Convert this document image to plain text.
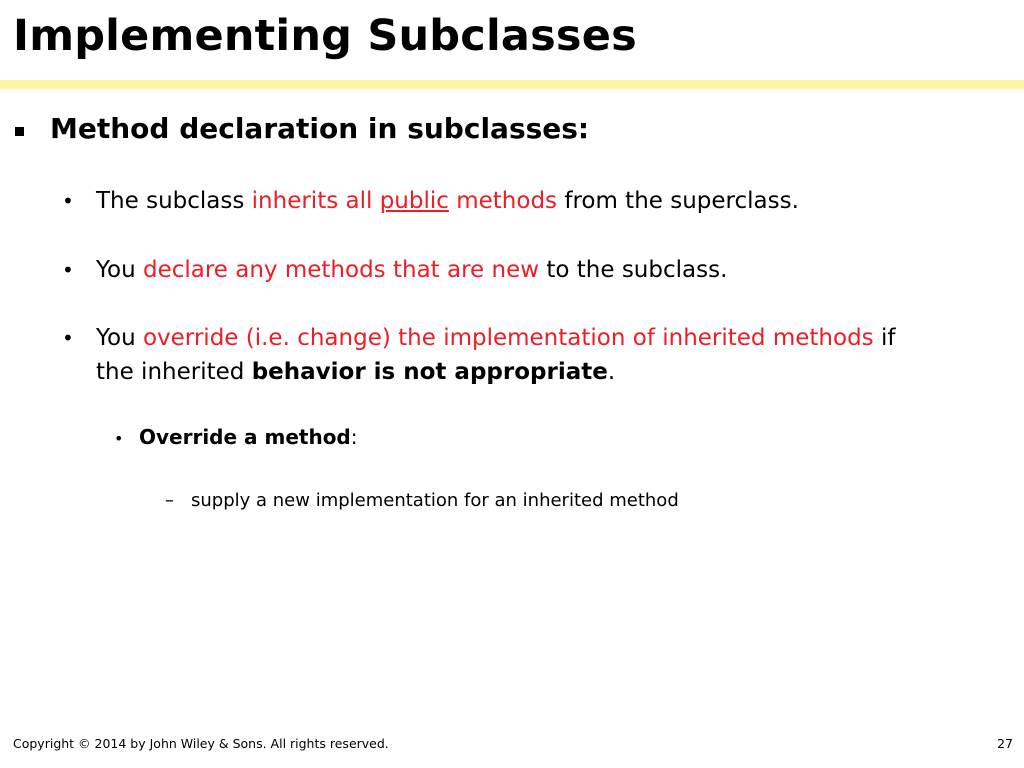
Implementing Subclasses
Method declaration in subclasses:
• The subclass inherits all public methods from the superclass.
• You declare any methods that are new to the subclass.
• You override (i.e. change) the implementation of inherited methods if the inherited behavior is not appropriate.
• Override a method:
– supply a new implementation for an inherited method
Copyright © 2014 by John Wiley & Sons. All rights reserved.	27
